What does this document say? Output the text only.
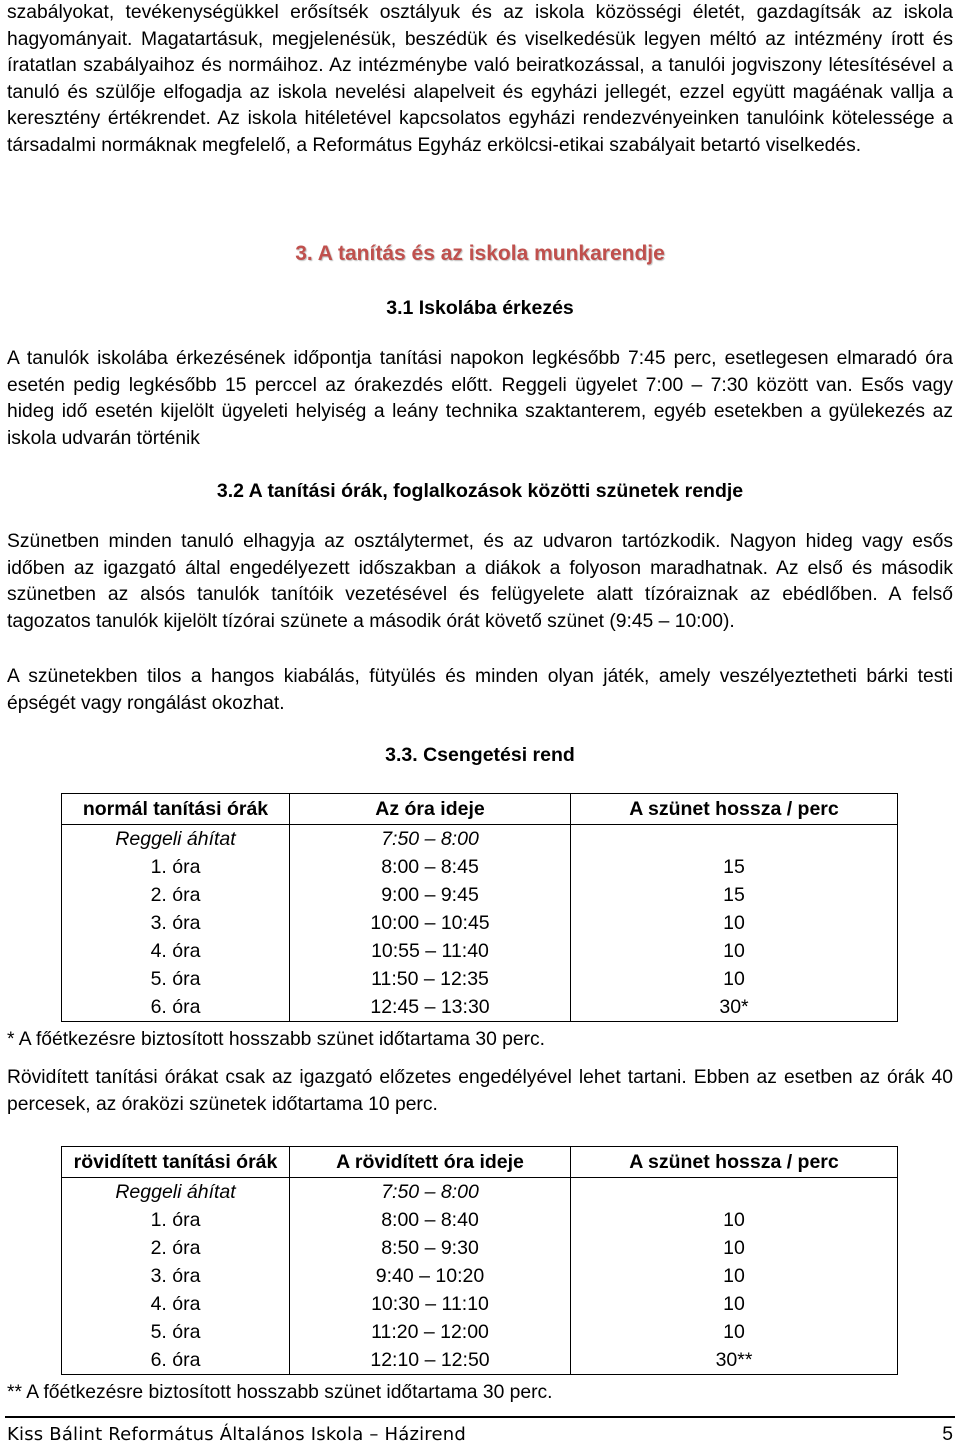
szabályokat, tevékenységükkel erősítsék osztályuk és az iskola közösségi életét, gazdagítsák az iskola hagyományait. Magatartásuk, megjelenésük, beszédük és viselkedésük legyen méltó az intézmény írott és íratatlan szabályaihoz és normáihoz. Az intézménybe való beiratkozással, a tanulói jogviszony létesítésével a tanuló és szülője elfogadja az iskola nevelési alapelveit és egyházi jellegét, ezzel együtt magáénak vallja a keresztény értékrendet. Az iskola hitéletével kapcsolatos egyházi rendezvényeinken tanulóink kötelessége a társadalmi normáknak megfelelő, a Református Egyház erkölcsi-etikai szabályait betartó viselkedés.

3. A tanítás és az iskola munkarendje
3.1 Iskolába érkezés

A tanulók iskolába érkezésének időpontja tanítási napokon legkésőbb 7:45 perc, esetlegesen elmaradó óra esetén pedig legkésőbb 15 perccel az órakezdés előtt. Reggeli ügyelet 7:00 – 7:30 között van. Esős vagy hideg idő esetén kijelölt ügyeleti helyiség a leány technika szaktanterem, egyéb esetekben a gyülekezés az iskola udvarán történik

3.2 A tanítási órák, foglalkozások közötti szünetek rendje

Szünetben minden tanuló elhagyja az osztálytermet, és az udvaron tartózkodik. Nagyon hideg vagy esős időben az igazgató által engedélyezett időszakban a diákok a folyoson maradhatnak. Az első és második szünetben az alsós tanulók tanítóik vezetésével és felügyelete alatt tízóraiznak az ebédlőben. A felső tagozatos tanulók kijelölt tízórai szünete a második órát követő szünet (9:45 – 10:00).

A szünetekben tilos a hangos kiabálás, fütyülés és minden olyan játék, amely veszélyeztetheti bárki testi épségét vagy rongálást okozhat.

3.3. Csengetési rend
normál tanítási órák	Az óra ideje	A szünet hossza / perc
Reggeli áhítat	7:50 – 8:00	
1. óra	8:00 – 8:45	15
2. óra	9:00 – 9:45	15
3. óra	10:00 – 10:45	10
4. óra	10:55 – 11:40	10
5. óra	11:50 – 12:35	10
6. óra	12:45 – 13:30	30*
* A főétkezésre biztosított hosszabb szünet időtartama 30 perc.

Rövidített tanítási órákat csak az igazgató előzetes engedélyével lehet tartani. Ebben az esetben az órák 40 percesek, az óraközi szünetek időtartama 10 perc.

rövidített tanítási órák	A rövidített óra ideje	A szünet hossza / perc
Reggeli áhítat	7:50 – 8:00	
1. óra	8:00 – 8:40	10
2. óra	8:50 – 9:30	10
3. óra	9:40 – 10:20	10
4. óra	10:30 – 11:10	10
5. óra	11:20 – 12:00	10
6. óra	12:10 – 12:50	30**
** A főétkezésre biztosított hosszabb szünet időtartama 30 perc.
Kiss Bálint Református Általános Iskola – Házirend	5
